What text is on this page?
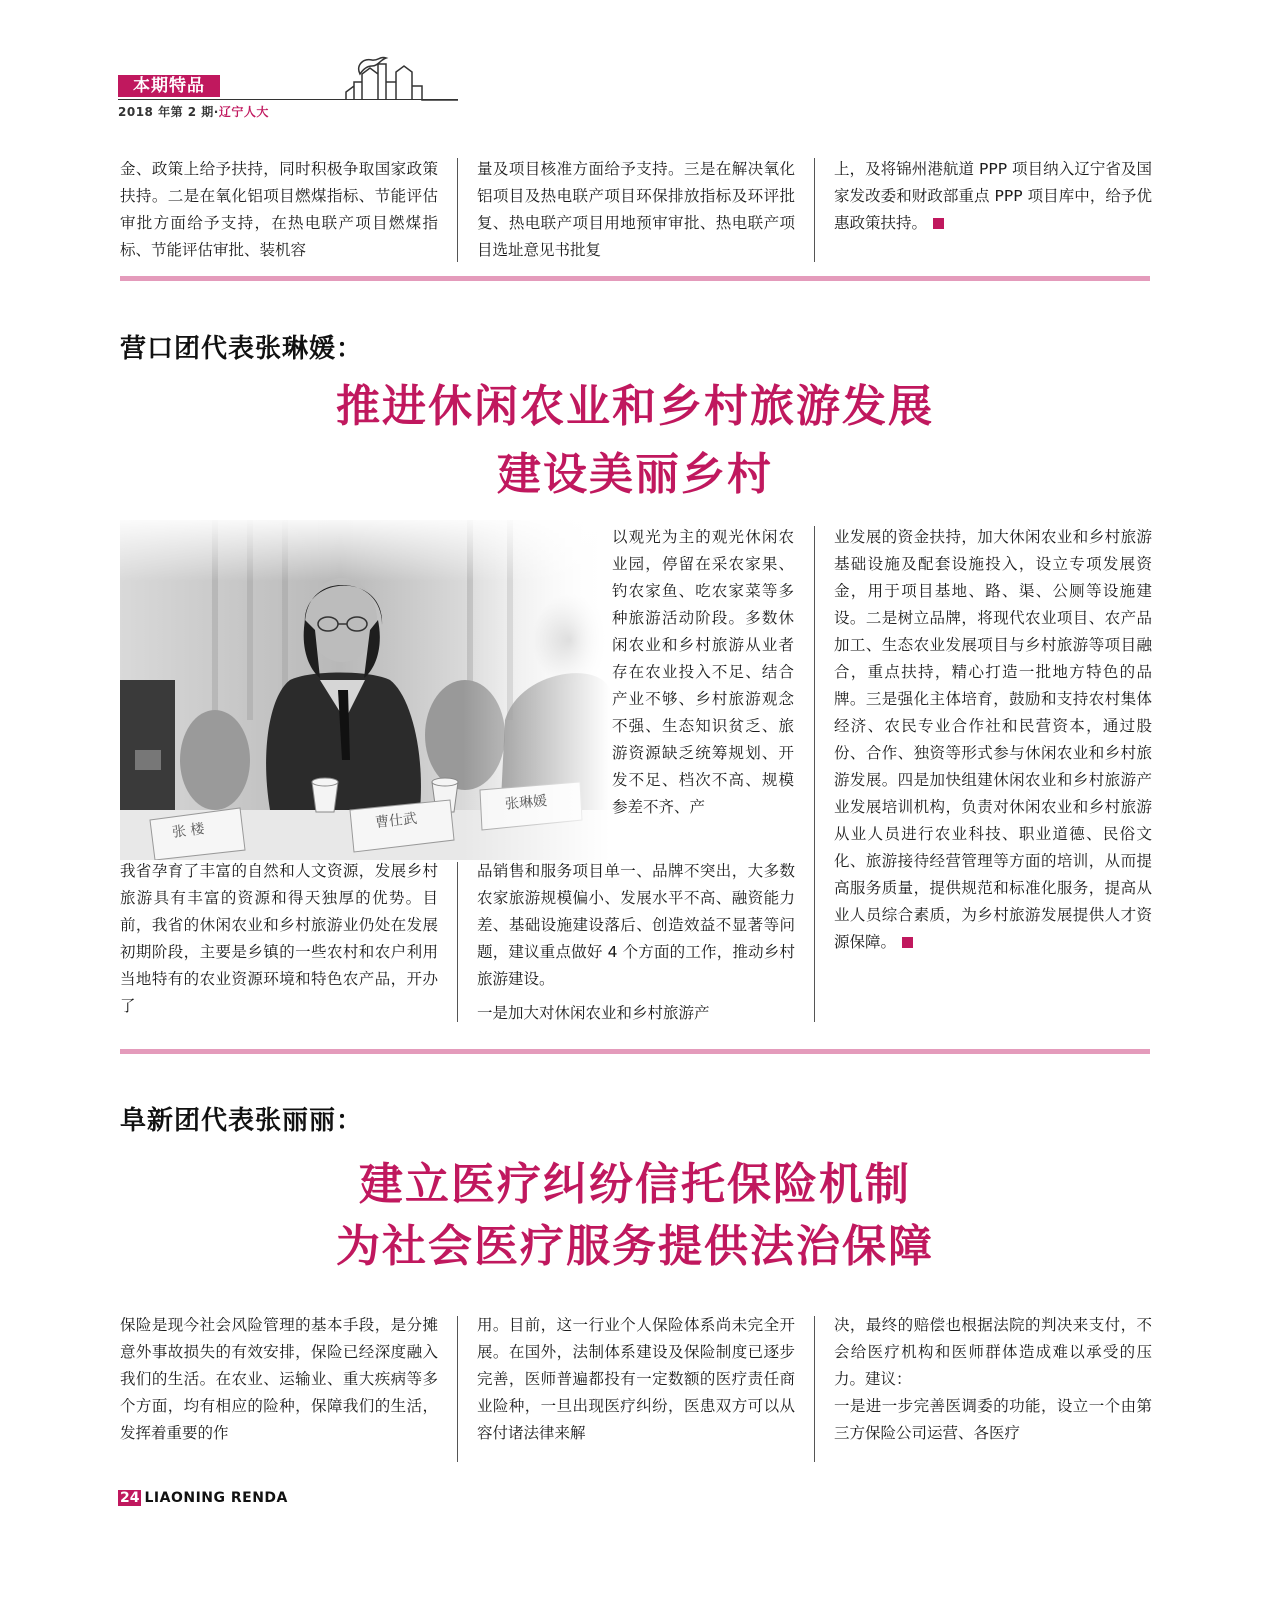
本期特品
2018 年第 2 期·辽宁人大

金、政策上给予扶持，同时积极争取国家政策扶持。二是在氧化铝项目燃煤指标、节能评估审批方面给予支持，在热电联产项目燃煤指标、节能评估审批、装机容

量及项目核准方面给予支持。三是在解决氧化铝项目及热电联产项目环保排放指标及环评批复、热电联产项目用地预审审批、热电联产项目选址意见书批复

上，及将锦州港航道 PPP 项目纳入辽宁省及国家发改委和财政部重点 PPP 项目库中，给予优惠政策扶持。

营口团代表张琳媛：
推进休闲农业和乡村旅游发展
建设美丽乡村
张 楼	曹仕武
张琳媛

以观光为主的观光休闲农业园，停留在采农家果、钓农家鱼、吃农家菜等多种旅游活动阶段。多数休闲农业和乡村旅游从业者存在农业投入不足、结合产业不够、乡村旅游观念不强、生态知识贫乏、旅游资源缺乏统筹规划、开发不足、档次不高、规模参差不齐、产

我省孕育了丰富的自然和人文资源，发展乡村旅游具有丰富的资源和得天独厚的优势。目前，我省的休闲农业和乡村旅游业仍处在发展初期阶段，主要是乡镇的一些农村和农户利用当地特有的农业资源环境和特色农产品，开办了

品销售和服务项目单一、品牌不突出，大多数农家旅游规模偏小、发展水平不高、融资能力差、基础设施建设落后、创造效益不显著等问题，建议重点做好 4 个方面的工作，推动乡村旅游建设。

一是加大对休闲农业和乡村旅游产

业发展的资金扶持，加大休闲农业和乡村旅游基础设施及配套设施投入，设立专项发展资金，用于项目基地、路、渠、公厕等设施建设。二是树立品牌，将现代农业项目、农产品加工、生态农业发展项目与乡村旅游等项目融合，重点扶持，精心打造一批地方特色的品牌。三是强化主体培育，鼓励和支持农村集体经济、农民专业合作社和民营资本，通过股份、合作、独资等形式参与休闲农业和乡村旅游发展。四是加快组建休闲农业和乡村旅游产业发展培训机构，负责对休闲农业和乡村旅游从业人员进行农业科技、职业道德、民俗文化、旅游接待经营管理等方面的培训，从而提高服务质量，提供规范和标准化服务，提高从业人员综合素质，为乡村旅游发展提供人才资源保障。

阜新团代表张丽丽：
建立医疗纠纷信托保险机制
为社会医疗服务提供法治保障

保险是现今社会风险管理的基本手段，是分摊意外事故损失的有效安排，保险已经深度融入我们的生活。在农业、运输业、重大疾病等多个方面，均有相应的险种，保障我们的生活，发挥着重要的作

用。目前，这一行业个人保险体系尚未完全开展。在国外，法制体系建设及保险制度已逐步完善，医师普遍都投有一定数额的医疗责任商业险种，一旦出现医疗纠纷，医患双方可以从容付诸法律来解

决，最终的赔偿也根据法院的判决来支付，不会给医疗机构和医师群体造成难以承受的压力。建议：

一是进一步完善医调委的功能，设立一个由第三方保险公司运营、各医疗

24 LIAONING RENDA
